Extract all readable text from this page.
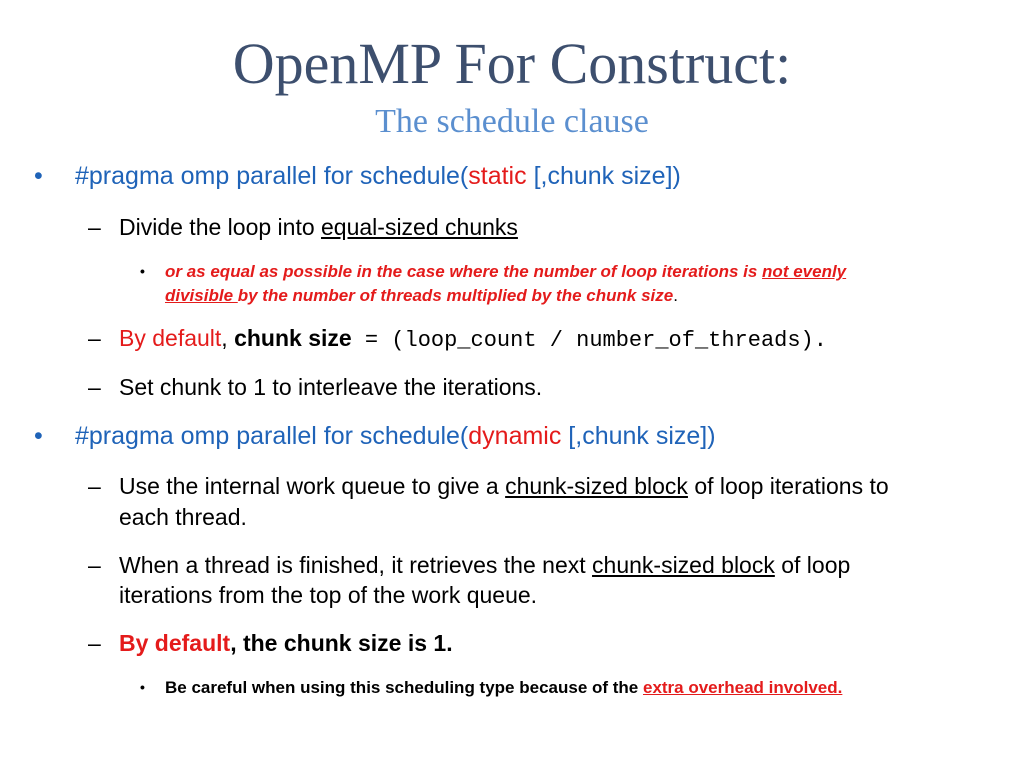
OpenMP For Construct:
The schedule clause
• #pragma omp parallel for schedule(static [,chunk size])
– Divide the loop into equal-sized chunks
• or as equal as possible in the case where the number of loop iterations is not evenly
divisible by the number of threads multiplied by the chunk size.
– By default, chunk size = (loop_count / number_of_threads).
– Set chunk to 1 to interleave the iterations.
• #pragma omp parallel for schedule(dynamic [,chunk size])
– Use the internal work queue to give a chunk-sized block of loop iterations to
each thread.
– When a thread is finished, it retrieves the next chunk-sized block of loop
iterations from the top of the work queue.
– By default, the chunk size is 1.
• Be careful when using this scheduling type because of the extra overhead involved.
